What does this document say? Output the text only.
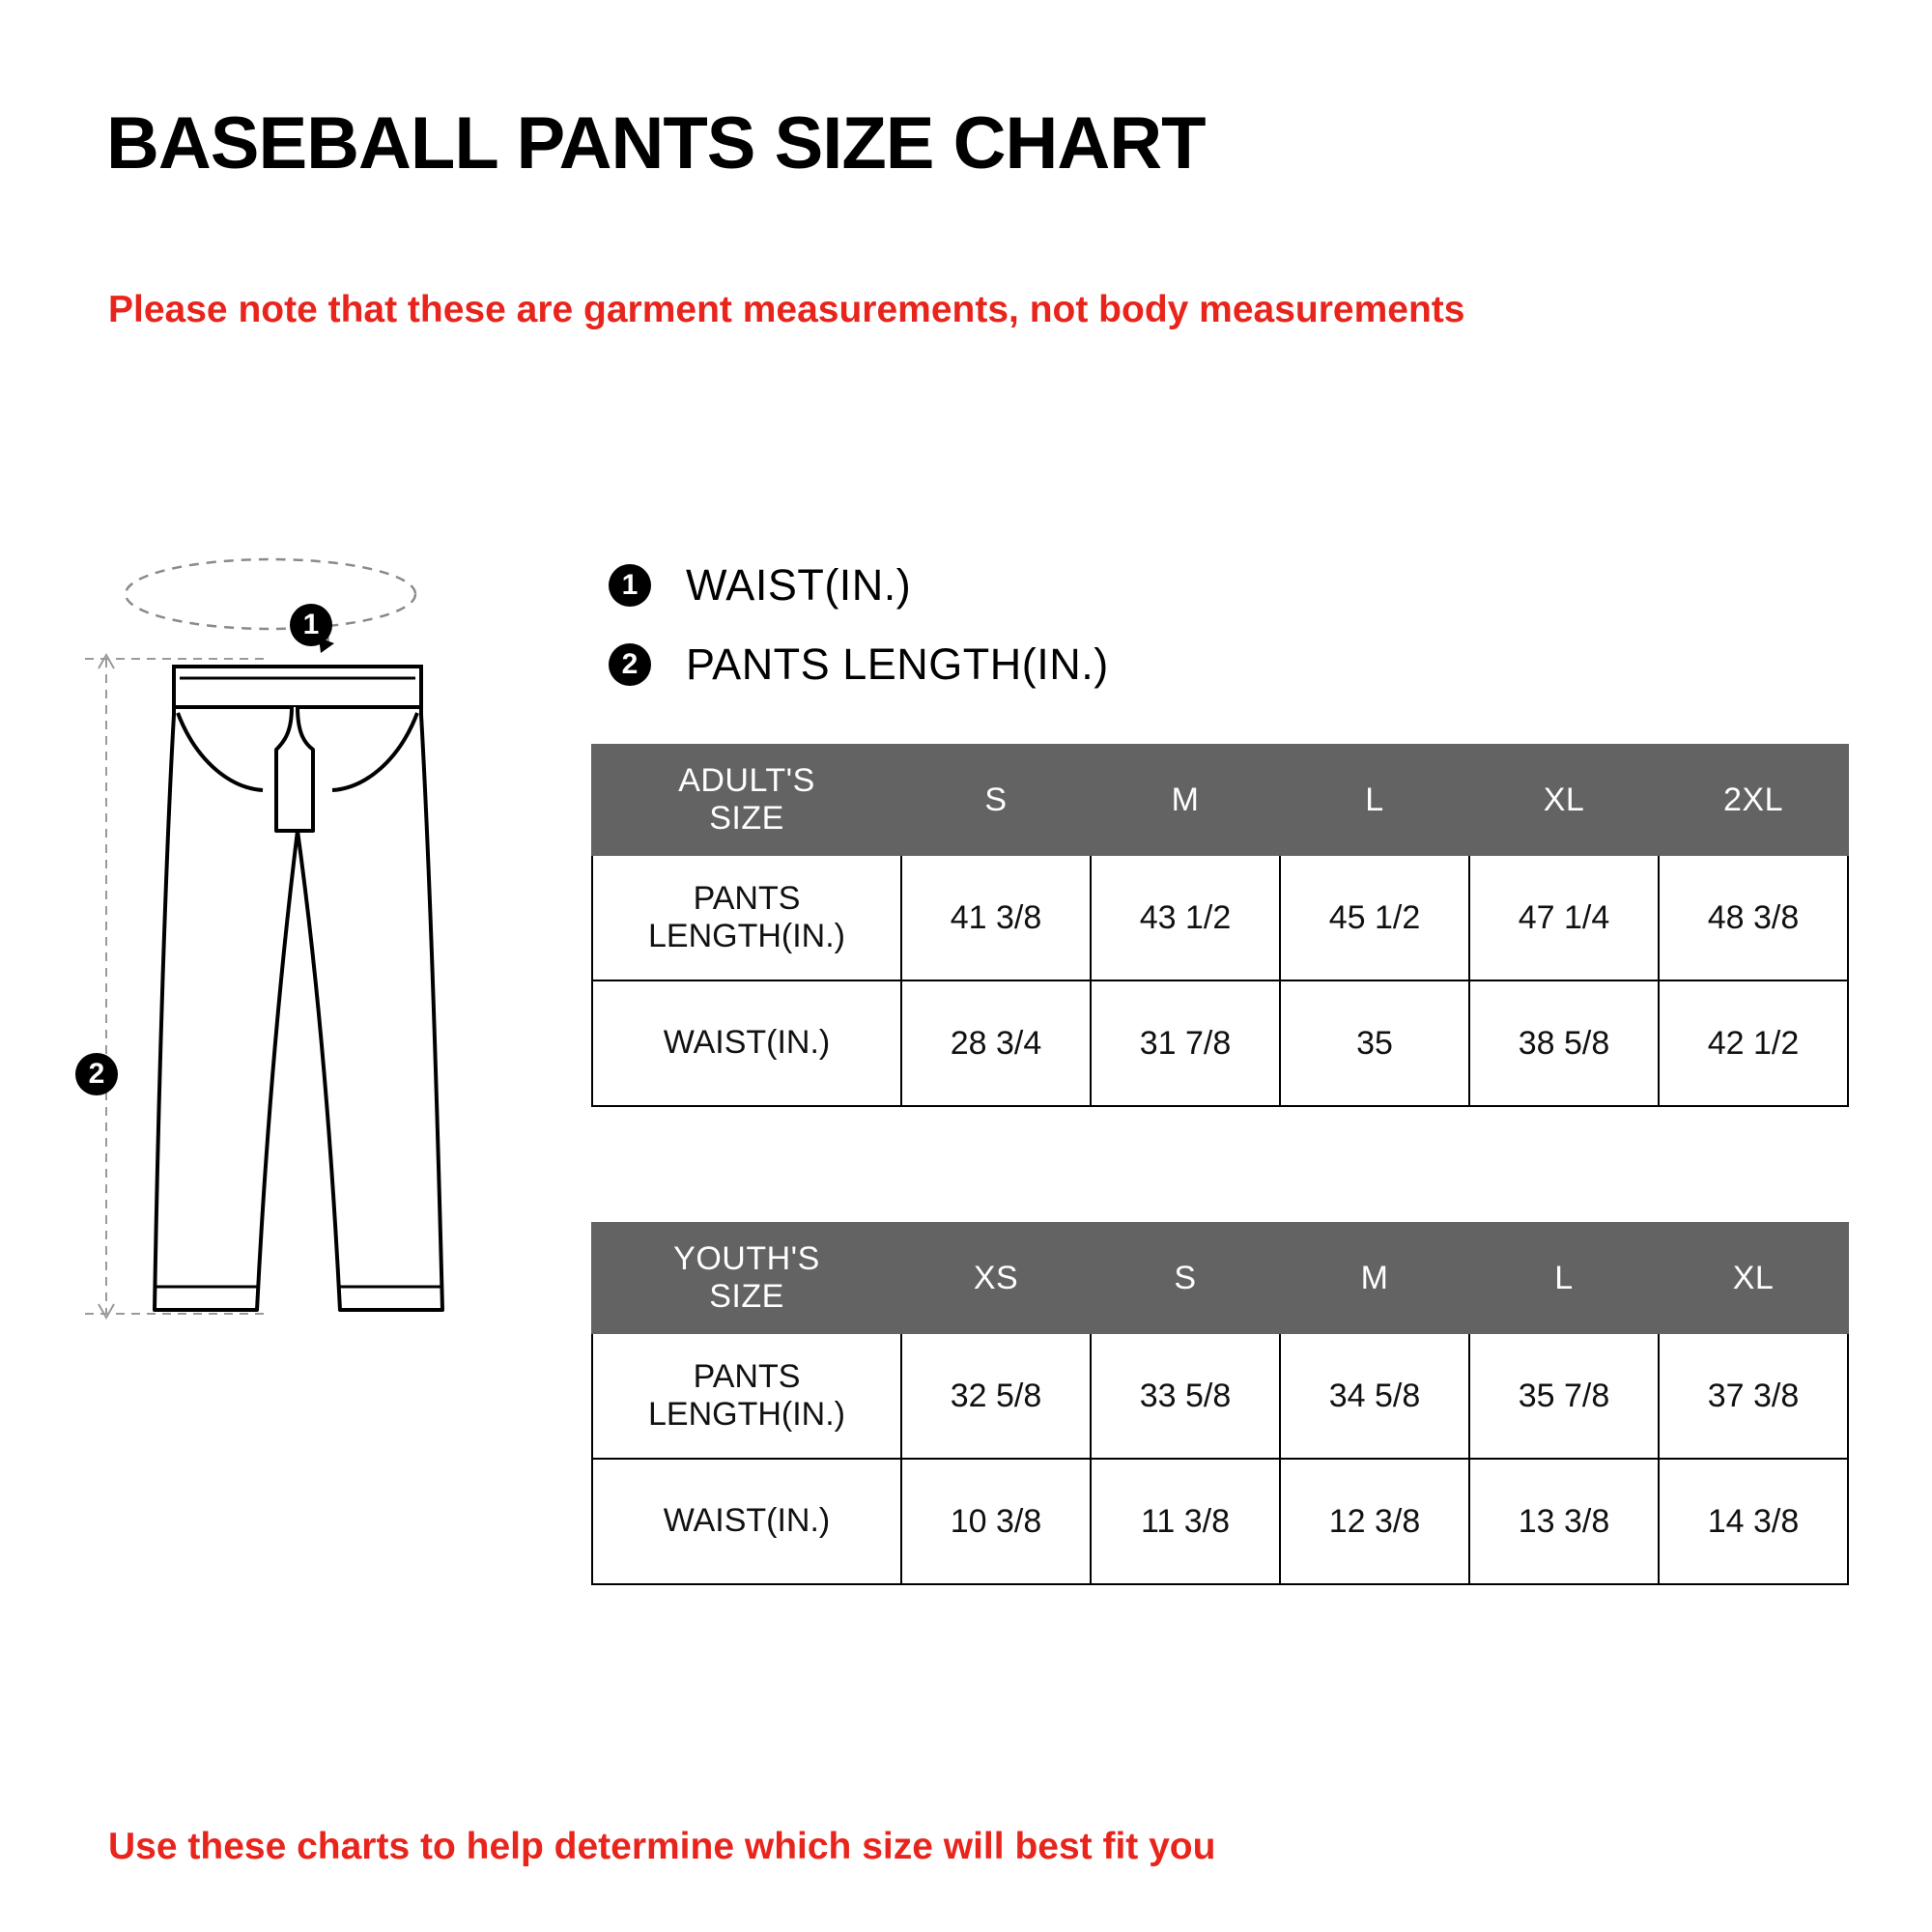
BASEBALL PANTS SIZE CHART
Please note that these are garment measurements, not body measurements
1	WAIST(IN.)
2	PANTS LENGTH(IN.)
1
2
ADULT'S
SIZE	S	M	L	XL	2XL

PANTS
LENGTH(IN.)	41 3/8	43 1/2	45 1/2	47 1/4	48 3/8
WAIST(IN.)	28 3/4	31 7/8	35	38 5/8	42 1/2
YOUTH'S
SIZE	XS	S	M	L	XL

PANTS
LENGTH(IN.)	32 5/8	33 5/8	34 5/8	35 7/8	37 3/8
WAIST(IN.)	10 3/8	11 3/8	12 3/8	13 3/8	14 3/8
Use these charts to help determine which size will best fit you
